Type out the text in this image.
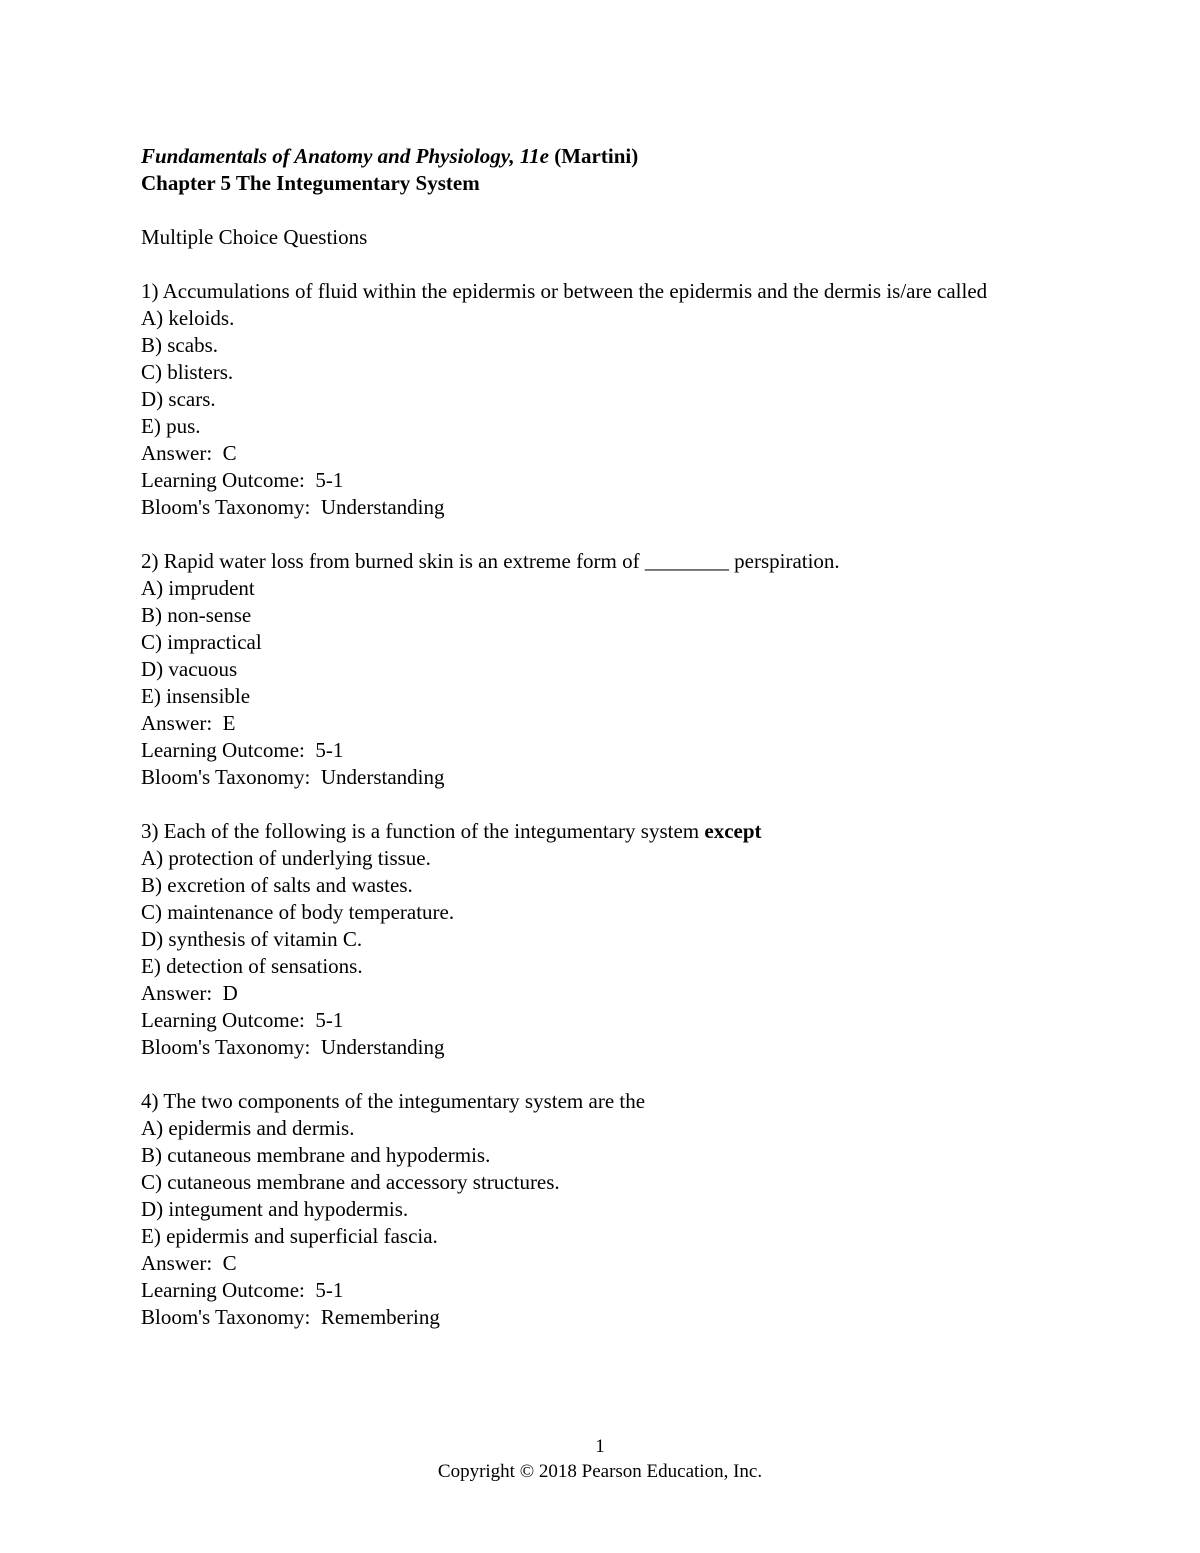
Fundamentals of Anatomy and Physiology, 11e (Martini)
Chapter 5 The Integumentary System
Multiple Choice Questions
1) Accumulations of fluid within the epidermis or between the epidermis and the dermis is/are called
A) keloids.
B) scabs.
C) blisters.
D) scars.
E) pus.
Answer:  C
Learning Outcome:  5-1
Bloom's Taxonomy:  Understanding
2) Rapid water loss from burned skin is an extreme form of ________ perspiration.
A) imprudent
B) non-sense
C) impractical
D) vacuous
E) insensible
Answer:  E
Learning Outcome:  5-1
Bloom's Taxonomy:  Understanding
3) Each of the following is a function of the integumentary system except
A) protection of underlying tissue.
B) excretion of salts and wastes.
C) maintenance of body temperature.
D) synthesis of vitamin C.
E) detection of sensations.
Answer:  D
Learning Outcome:  5-1
Bloom's Taxonomy:  Understanding
4) The two components of the integumentary system are the
A) epidermis and dermis.
B) cutaneous membrane and hypodermis.
C) cutaneous membrane and accessory structures.
D) integument and hypodermis.
E) epidermis and superficial fascia.
Answer:  C
Learning Outcome:  5-1
Bloom's Taxonomy:  Remembering
1
Copyright © 2018 Pearson Education, Inc.
